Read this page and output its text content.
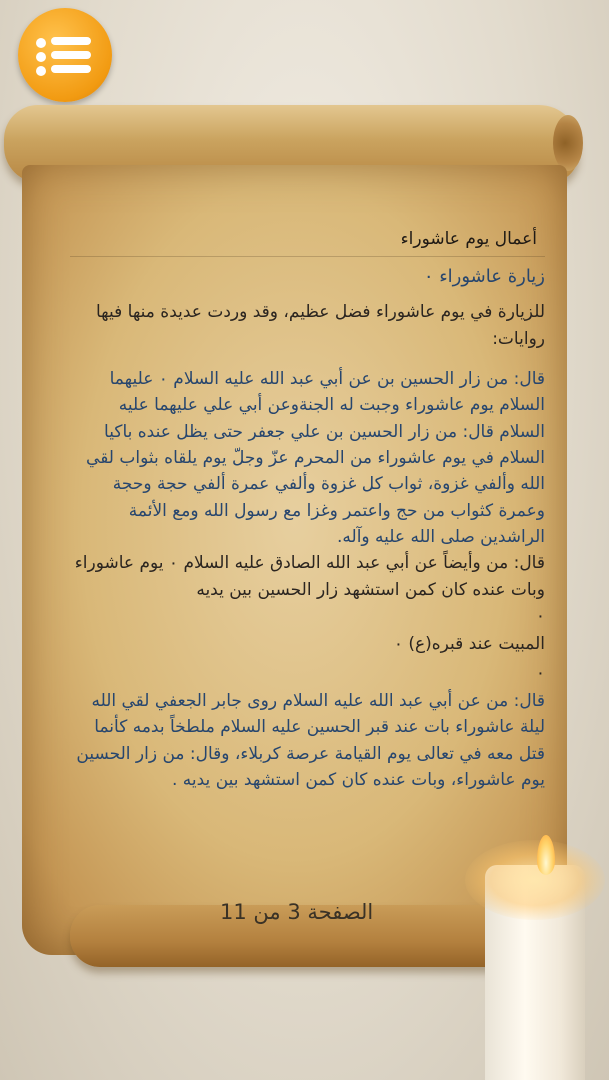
أعمال يوم عاشوراء
زيارة عاشوراء ٠

للزيارة في يوم عاشوراء فضل عظيم، وقد وردت عديدة منها فيها روايات:

قال: من زار الحسين بن عن أبي عبد الله عليه السلام ٠ عليهما السلام يوم عاشوراء وجبت له الجنةوعن أبي علي عليهما عليه السلام قال: من زار الحسين بن علي جعفر حتى يظل عنده باكيا السلام في يوم عاشوراء من المحرم عزّ وجلّ يوم يلقاه بثواب لقي الله وألفي غزوة، ثواب كل غزوة وألفي عمرة ألفي حجة وحجة وعمرة كثواب من حج واعتمر وغزا مع رسول الله ومع الأئمة الراشدين صلى الله عليه وآله.

قال: من وأيضاً عن أبي عبد الله الصادق عليه السلام ٠ يوم عاشوراء وبات عنده كان كمن استشهد زار الحسين بين يديه

٠
المبيت عند قبره(ع) ٠
٠

قال: من عن أبي عبد الله عليه السلام روى جابر الجعفي لقي الله ليلة عاشوراء بات عند قبر الحسين عليه السلام ملطخاً بدمه كأنما قتل معه في تعالى يوم القيامة عرصة كربلاء، وقال: من زار الحسين يوم عاشوراء، وبات عنده كان كمن استشهد بين يديه .

الصفحة 3 من 11
